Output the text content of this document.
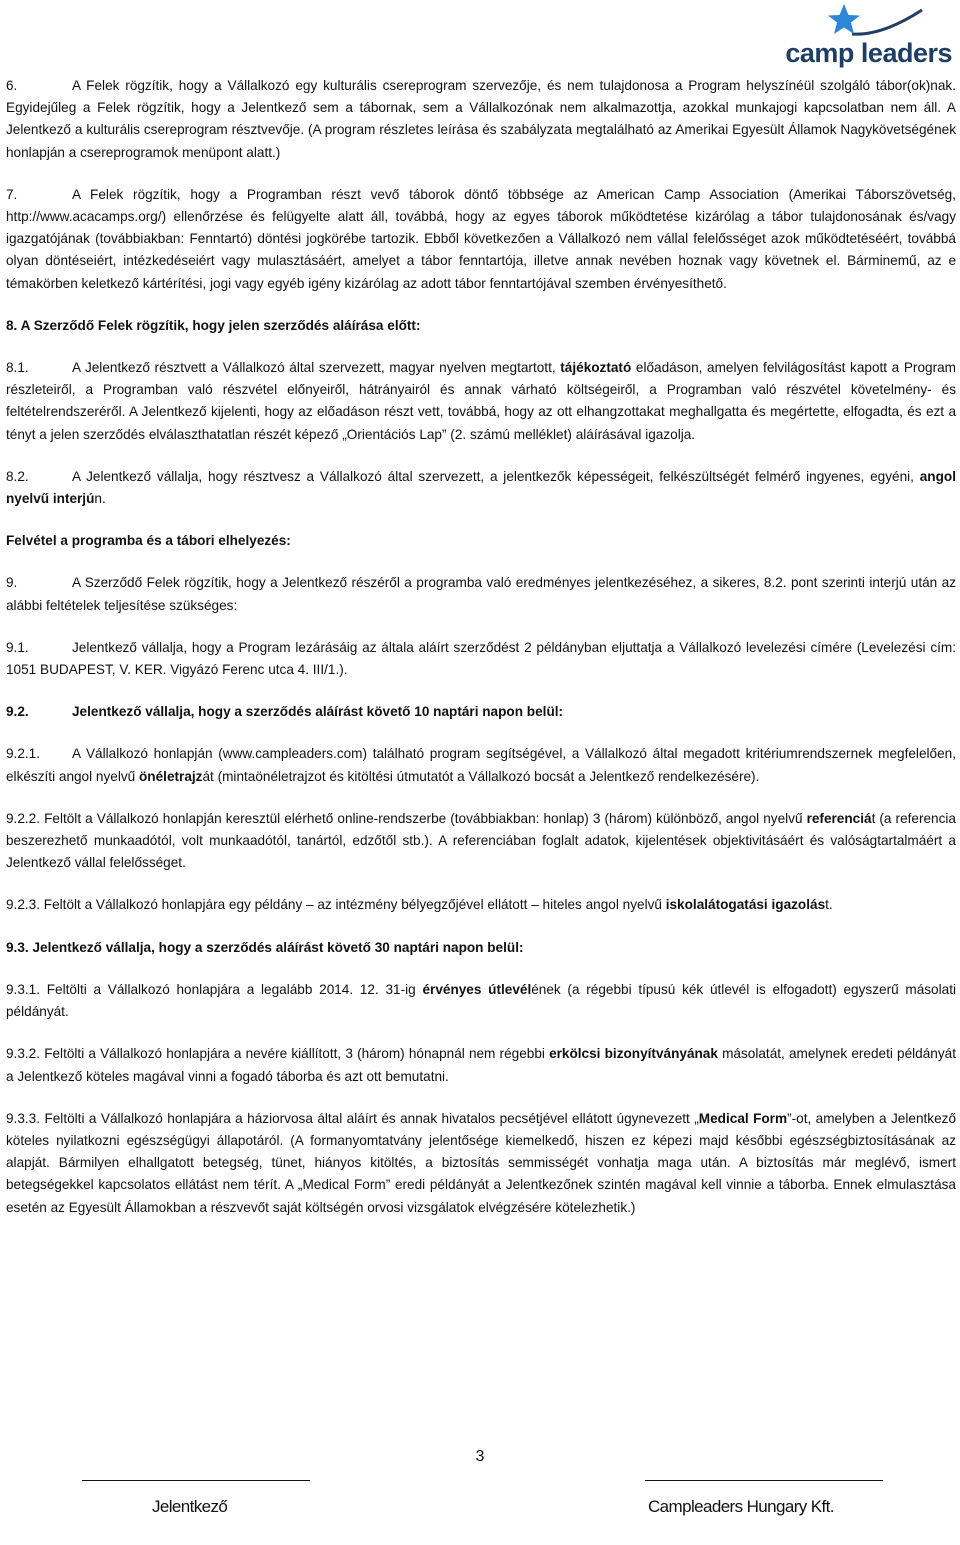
camp leaders

6.	A Felek rögzítik, hogy a Vállalkozó egy kulturális csereprogram szervezője, és nem tulajdonosa a Program helyszínéül szolgáló tábor(ok)nak. Egyidejűleg a Felek rögzítik, hogy a Jelentkező sem a tábornak, sem a Vállalkozónak nem alkalmazottja, azokkal munkajogi kapcsolatban nem áll. A Jelentkező a kulturális csereprogram résztvevője. (A program részletes leírása és szabályzata megtalálható az Amerikai Egyesült Államok Nagykövetségének honlapján a csereprogramok menüpont alatt.)

7.	A Felek rögzítik, hogy a Programban részt vevő táborok döntő többsége az American Camp Association (Amerikai Táborszövetség, http://www.acacamps.org/) ellenőrzése és felügyelte alatt áll, továbbá, hogy az egyes táborok működtetése kizárólag a tábor tulajdonosának és/vagy igazgatójának (továbbiakban: Fenntartó) döntési jogkörébe tartozik. Ebből következően a Vállalkozó nem vállal felelősséget azok működtetéséért, továbbá olyan döntéseiért, intézkedéseiért vagy mulasztásáért, amelyet a tábor fenntartója, illetve annak nevében hoznak vagy követnek el. Bárminemű, az e témakörben keletkező kártérítési, jogi vagy egyéb igény kizárólag az adott tábor fenntartójával szemben érvényesíthető.

8. A Szerződő Felek rögzítik, hogy jelen szerződés aláírása előtt:

8.1.	A Jelentkező résztvett a Vállalkozó által szervezett, magyar nyelven megtartott, tájékoztató előadáson, amelyen felvilágosítást kapott a Program részleteiről, a Programban való részvétel előnyeiről, hátrányairól és annak várható költségeiről, a Programban való részvétel követelmény- és feltételrendszeréről. A Jelentkező kijelenti, hogy az előadáson részt vett, továbbá, hogy az ott elhangzottakat meghallgatta és megértette, elfogadta, és ezt a tényt a jelen szerződés elválaszthatatlan részét képező „Orientációs Lap” (2. számú melléklet) aláírásával igazolja.

8.2.	A Jelentkező vállalja, hogy résztvesz a Vállalkozó által szervezett, a jelentkezők képességeit, felkészültségét felmérő ingyenes, egyéni, angol nyelvű interjún.

Felvétel a programba és a tábori elhelyezés:

9.	A Szerződő Felek rögzítik, hogy a Jelentkező részéről a programba való eredményes jelentkezéséhez, a sikeres, 8.2. pont szerinti interjú után az alábbi feltételek teljesítése szükséges:

9.1.	Jelentkező vállalja, hogy a Program lezárásáig az általa aláírt szerződést 2 példányban eljuttatja a Vállalkozó levelezési címére (Levelezési cím: 1051 BUDAPEST, V. KER. Vigyázó Ferenc utca 4. III/1.).

9.2.	Jelentkező vállalja, hogy a szerződés aláírást követő 10 naptári napon belül:

9.2.1. A Vállalkozó honlapján (www.campleaders.com) található program segítségével, a Vállalkozó által megadott kritériumrendszernek megfelelően, elkészíti angol nyelvű önéletrajzát (mintaönéletrajzot és kitöltési útmutatót a Vállalkozó bocsát a Jelentkező rendelkezésére).

9.2.2. Feltölt a Vállalkozó honlapján keresztül elérhető online-rendszerbe (továbbiakban: honlap) 3 (három) különböző, angol nyelvű referenciát (a referencia beszerezhető munkaadótól, volt munkaadótól, tanártól, edzőtől stb.). A referenciában foglalt adatok, kijelentések objektivitásáért és valóságtartalmáért a Jelentkező vállal felelősséget.

9.2.3. Feltölt a Vállalkozó honlapjára egy példány – az intézmény bélyegzőjével ellátott – hiteles angol nyelvű iskolalátogatási igazolást.

9.3. Jelentkező vállalja, hogy a szerződés aláírást követő 30 naptári napon belül:

9.3.1. Feltölti a Vállalkozó honlapjára a legalább 2014. 12. 31-ig érvényes útlevélének (a régebbi típusú kék útlevél is elfogadott) egyszerű másolati példányát.

9.3.2. Feltölti a Vállalkozó honlapjára a nevére kiállított, 3 (három) hónapnál nem régebbi erkölcsi bizonyítványának másolatát, amelynek eredeti példányát a Jelentkező köteles magával vinni a fogadó táborba és azt ott bemutatni.

9.3.3. Feltölti a Vállalkozó honlapjára a háziorvosa által aláírt és annak hivatalos pecsétjével ellátott úgynevezett „Medical Form”-ot, amelyben a Jelentkező köteles nyilatkozni egészségügyi állapotáról. (A formanyomtatvány jelentősége kiemelkedő, hiszen ez képezi majd későbbi egészségbiztosításának az alapját. Bármilyen elhallgatott betegség, tünet, hiányos kitöltés, a biztosítás semmisségét vonhatja maga után. A biztosítás már meglévő, ismert betegségekkel kapcsolatos ellátást nem térít. A „Medical Form” eredi példányát a Jelentkezőnek szintén magával kell vinnie a táborba. Ennek elmulasztása esetén az Egyesült Államokban a részvevőt saját költségén orvosi vizsgálatok elvégzésére kötelezhetik.)

3
Jelentkező	Campleaders Hungary Kft.
